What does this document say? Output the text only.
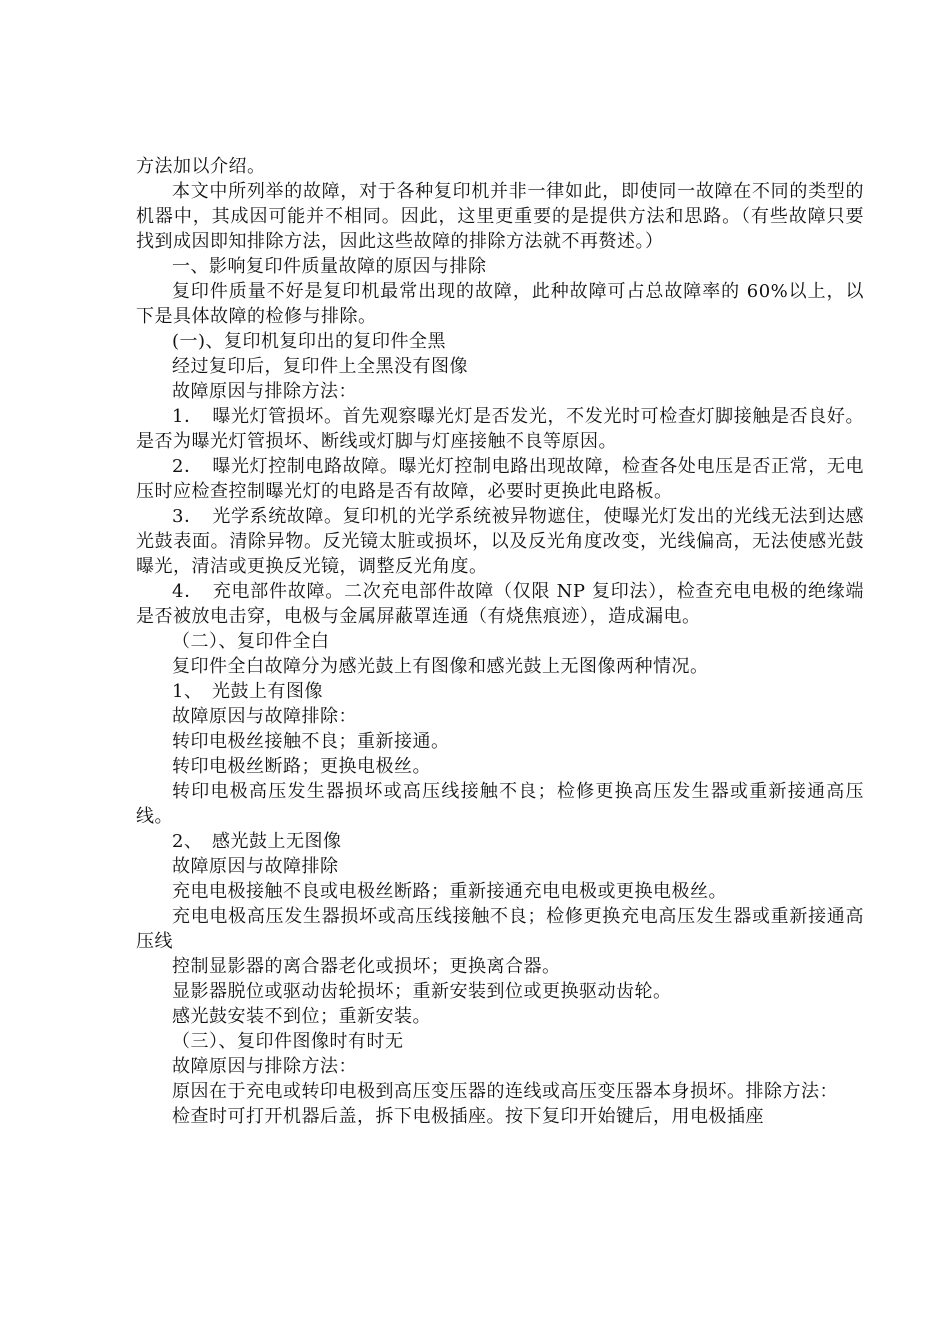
方法加以介绍。

本文中所列举的故障，对于各种复印机并非一律如此，即使同一故障在不同的类型的机器中，其成因可能并不相同。因此，这里更重要的是提供方法和思路。（有些故障只要找到成因即知排除方法，因此这些故障的排除方法就不再赘述。）

一、影响复印件质量故障的原因与排除

复印件质量不好是复印机最常出现的故障，此种故障可占总故障率的 60%以上，以下是具体故障的检修与排除。

(一)、复印机复印出的复印件全黑

经过复印后，复印件上全黑没有图像

故障原因与排除方法：

1．　曝光灯管损坏。首先观察曝光灯是否发光，不发光时可检查灯脚接触是否良好。是否为曝光灯管损坏、断线或灯脚与灯座接触不良等原因。

2．　曝光灯控制电路故障。曝光灯控制电路出现故障，检查各处电压是否正常，无电压时应检查控制曝光灯的电路是否有故障，必要时更换此电路板。

3．　光学系统故障。复印机的光学系统被异物遮住，使曝光灯发出的光线无法到达感光鼓表面。清除异物。反光镜太脏或损坏，以及反光角度改变，光线偏高，无法使感光鼓曝光，清洁或更换反光镜，调整反光角度。

4．　充电部件故障。二次充电部件故障（仅限 NP 复印法），检查充电电极的绝缘端是否被放电击穿，电极与金属屏蔽罩连通（有烧焦痕迹），造成漏电。

（二）、复印件全白

复印件全白故障分为感光鼓上有图像和感光鼓上无图像两种情况。

1、　光鼓上有图像

故障原因与故障排除：

转印电极丝接触不良；重新接通。

转印电极丝断路；更换电极丝。

转印电极高压发生器损坏或高压线接触不良；检修更换高压发生器或重新接通高压线。

2、　感光鼓上无图像

故障原因与故障排除

充电电极接触不良或电极丝断路；重新接通充电电极或更换电极丝。

充电电极高压发生器损坏或高压线接触不良；检修更换充电高压发生器或重新接通高压线

控制显影器的离合器老化或损坏；更换离合器。

显影器脱位或驱动齿轮损坏；重新安装到位或更换驱动齿轮。

感光鼓安装不到位；重新安装。

（三）、复印件图像时有时无

故障原因与排除方法：

原因在于充电或转印电极到高压变压器的连线或高压变压器本身损坏。排除方法：

检查时可打开机器后盖，拆下电极插座。按下复印开始键后，用电极插座
